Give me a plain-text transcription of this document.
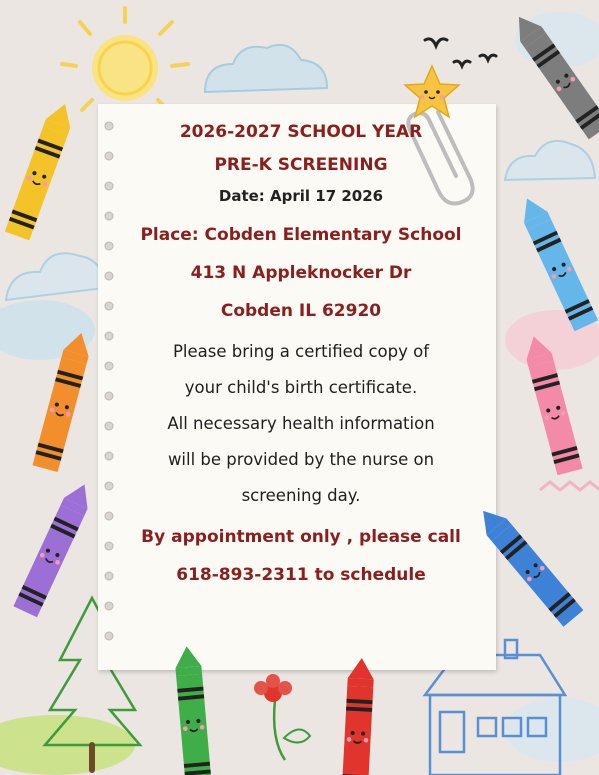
2026-2027 SCHOOL YEAR
PRE-K SCREENING
Date: April 17 2026
Place: Cobden Elementary School
413 N Appleknocker Dr
Cobden IL 62920
Please bring a certified copy of
your child's birth certificate.
All necessary health information
will be provided by the nurse on
screening day.
By appointment only , please call
618-893-2311 to schedule
